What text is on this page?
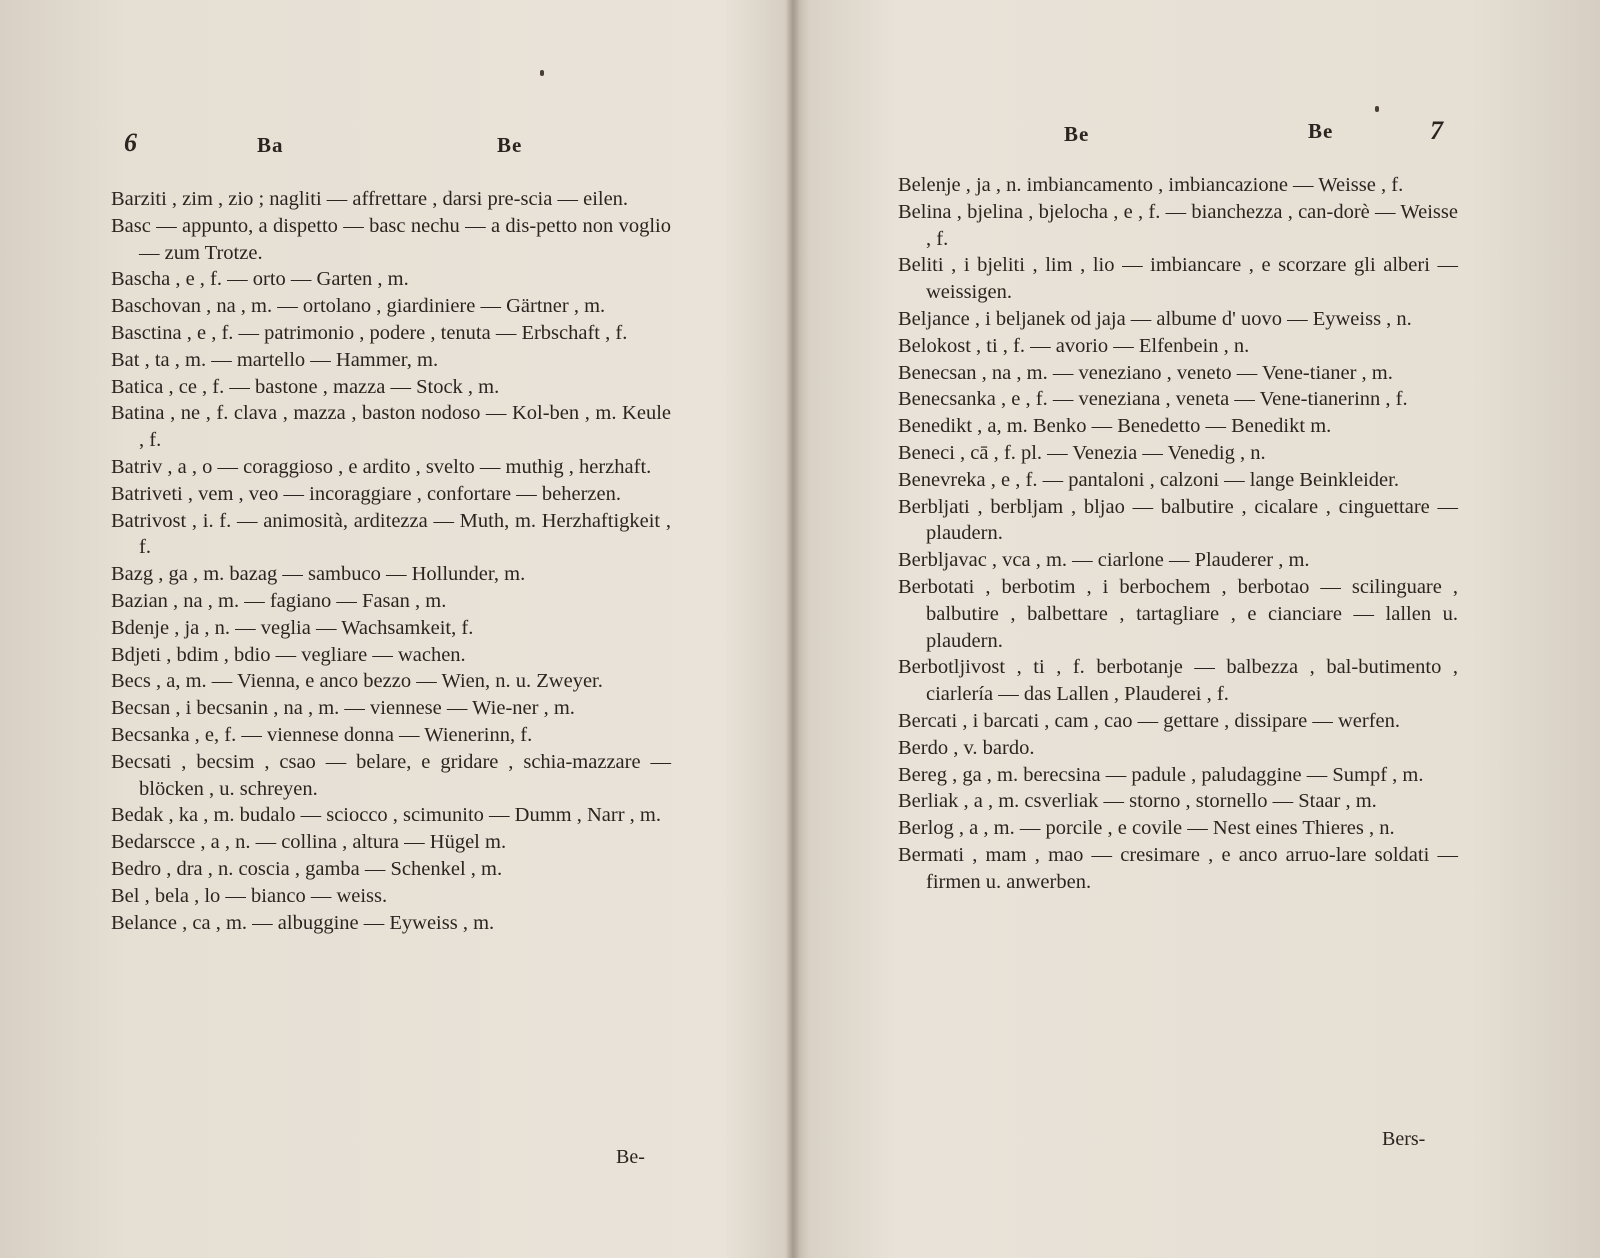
6	Ba	Be

Barziti , zim , zio ; nagliti — affrettare , darsi pre-scia — eilen.

Basc — appunto, a dispetto — basc nechu — a dis-petto non voglio — zum Trotze.

Bascha , e , f. — orto — Garten , m.

Baschovan , na , m. — ortolano , giardiniere — Gärtner , m.

Basctina , e , f. — patrimonio , podere , tenuta — Erbschaft , f.

Bat , ta , m. — martello — Hammer, m.

Batica , ce , f. — bastone , mazza — Stock , m.

Batina , ne , f. clava , mazza , baston nodoso — Kol-ben , m. Keule , f.

Batriv , a , o — coraggioso , e ardito , svelto — muthig , herzhaft.

Batriveti , vem , veo — incoraggiare , confortare — beherzen.

Batrivost , i. f. — animosità, arditezza — Muth, m. Herzhaftigkeit , f.

Bazg , ga , m. bazag — sambuco — Hollunder, m.

Bazian , na , m. — fagiano — Fasan , m.

Bdenje , ja , n. — veglia — Wachsamkeit, f.

Bdjeti , bdim , bdio — vegliare — wachen.

Becs , a, m. — Vienna, e anco bezzo — Wien, n. u. Zweyer.

Becsan , i becsanin , na , m. — viennese — Wie-ner , m.

Becsanka , e, f. — viennese donna — Wienerinn, f.

Becsati , becsim , csao — belare, e gridare , schia-mazzare — blöcken , u. schreyen.

Bedak , ka , m. budalo — sciocco , scimunito — Dumm , Narr , m.

Bedarscce , a , n. — collina , altura — Hügel m.

Bedro , dra , n. coscia , gamba — Schenkel , m.

Bel , bela , lo — bianco — weiss.

Belance , ca , m. — albuggine — Eyweiss , m.

Be-
Be	Be	7

Belenje , ja , n. imbiancamento , imbiancazione — Weisse , f.

Belina , bjelina , bjelocha , e , f. — bianchezza , can-dorè — Weisse , f.

Beliti , i bjeliti , lim , lio — imbiancare , e scorzare gli alberi — weissigen.

Beljance , i beljanek od jaja — albume d' uovo — Eyweiss , n.

Belokost , ti , f. — avorio — Elfenbein , n.

Benecsan , na , m. — veneziano , veneto — Vene-tianer , m.

Benecsanka , e , f. — veneziana , veneta — Vene-tianerinn , f.

Benedikt , a, m. Benko — Benedetto — Benedikt m.

Beneci , cā , f. pl. — Venezia — Venedig , n.

Benevreka , e , f. — pantaloni , calzoni — lange Beinkleider.

Berbljati , berbljam , bljao — balbutire , cicalare , cinguettare — plaudern.

Berbljavac , vca , m. — ciarlone — Plauderer , m.

Berbotati , berbotim , i berbochem , berbotao — scilinguare , balbutire , balbettare , tartagliare , e cianciare — lallen u. plaudern.

Berbotljivost , ti , f. berbotanje — balbezza , bal-butimento , ciarlería — das Lallen , Plauderei , f.

Bercati , i barcati , cam , cao — gettare , dissipare — werfen.

Berdo , v. bardo.

Bereg , ga , m. berecsina — padule , paludaggine — Sumpf , m.

Berliak , a , m. csverliak — storno , stornello — Staar , m.

Berlog , a , m. — porcile , e covile — Nest eines Thieres , n.

Bermati , mam , mao — cresimare , e anco arruo-lare soldati — firmen u. anwerben.

Bers-
